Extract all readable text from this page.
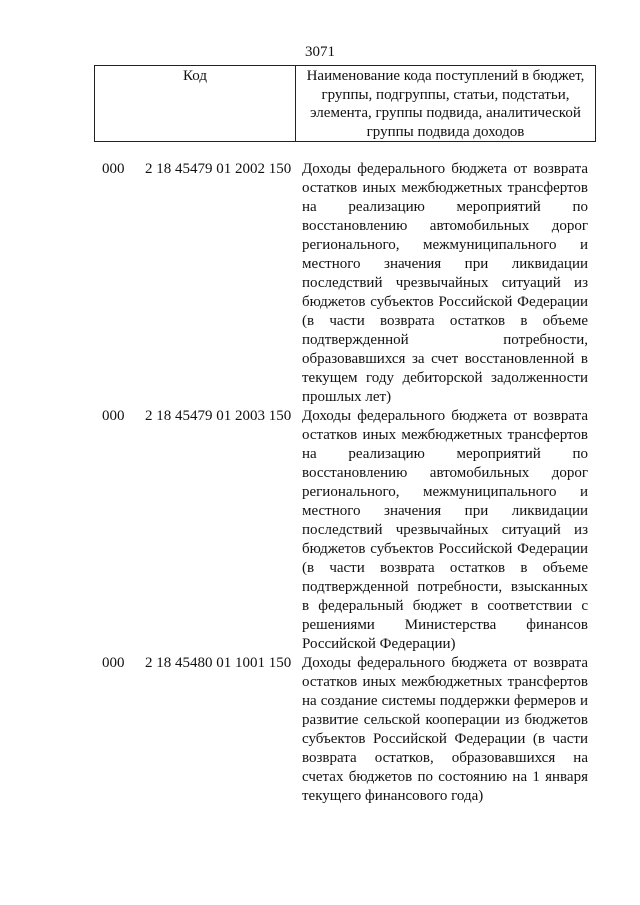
3071
Код	Наименование кода поступлений в бюджет, группы, подгруппы, статьи, подстатьи, элемента, группы подвида, аналитической группы подвида доходов
000 2 18 45479 01 2002 150 Доходы федерального бюджета от возврата остатков иных межбюджетных трансфертов на реализацию мероприятий по восстановлению автомобильных дорог регионального, межмуниципального и местного значения при ликвидации последствий чрезвычайных ситуаций из бюджетов субъектов Российской Федерации (в части возврата остатков в объеме подтвержденной потребности, образовавшихся за счет восстановленной в текущем году дебиторской задолженности прошлых лет)
000 2 18 45479 01 2003 150 Доходы федерального бюджета от возврата остатков иных межбюджетных трансфертов на реализацию мероприятий по восстановлению автомобильных дорог регионального, межмуниципального и местного значения при ликвидации последствий чрезвычайных ситуаций из бюджетов субъектов Российской Федерации (в части возврата остатков в объеме подтвержденной потребности, взысканных в федеральный бюджет в соответствии с решениями Министерства финансов Российской Федерации)
000 2 18 45480 01 1001 150 Доходы федерального бюджета от возврата остатков иных межбюджетных трансфертов на создание системы поддержки фермеров и развитие сельской кооперации из бюджетов субъектов Российской Федерации (в части возврата остатков, образовавшихся на счетах бюджетов по состоянию на 1 января текущего финансового года)
